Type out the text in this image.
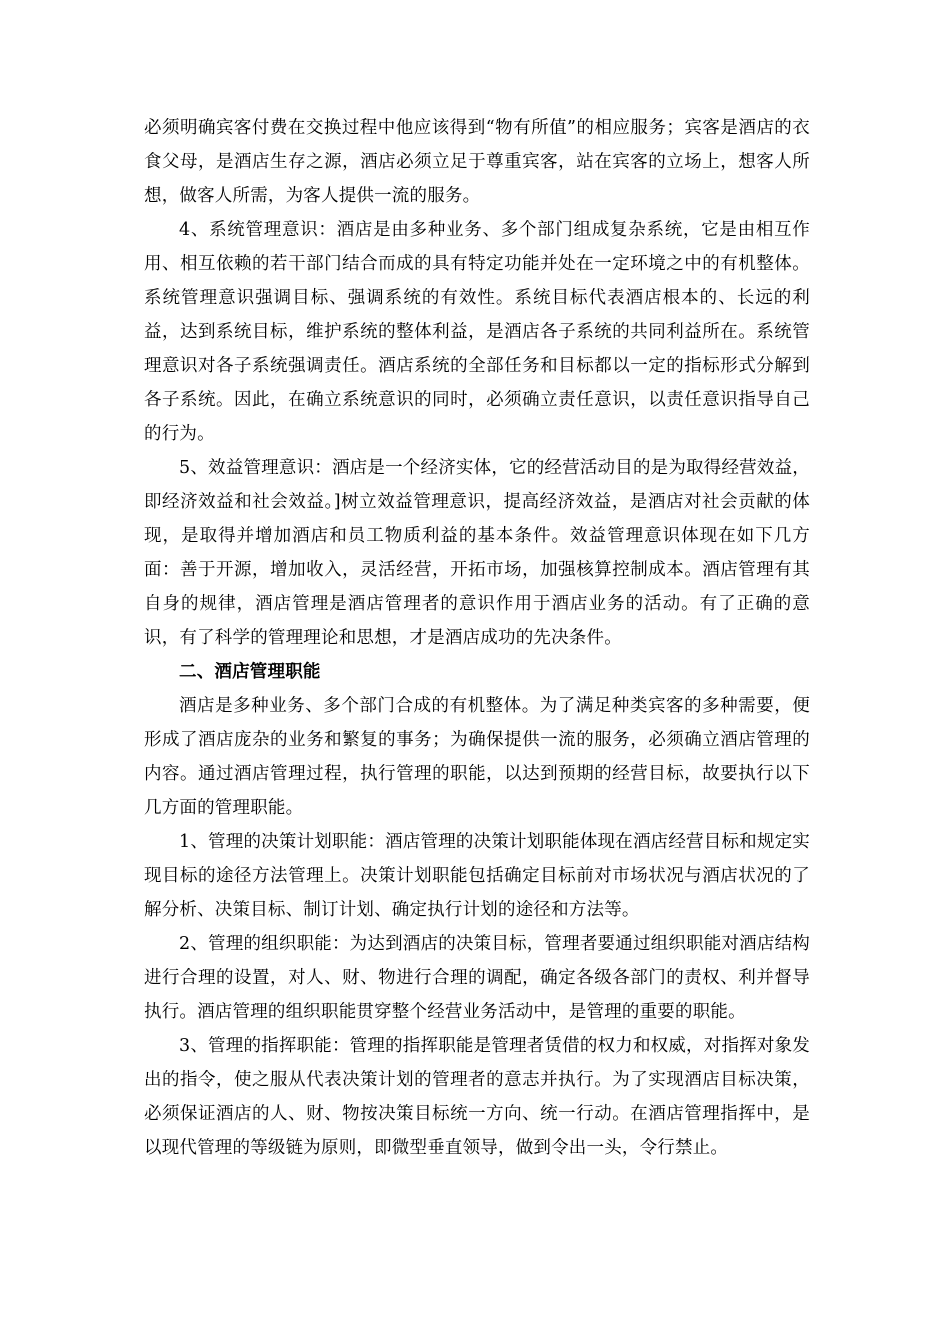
必须明确宾客付费在交换过程中他应该得到“物有所值”的相应服务；宾客是酒店的衣食父母，是酒店生存之源，酒店必须立足于尊重宾客，站在宾客的立场上，想客人所想，做客人所需，为客人提供一流的服务。

4、系统管理意识：酒店是由多种业务、多个部门组成复杂系统，它是由相互作用、相互依赖的若干部门结合而成的具有特定功能并处在一定环境之中的有机整体。系统管理意识强调目标、强调系统的有效性。系统目标代表酒店根本的、长远的利益，达到系统目标，维护系统的整体利益，是酒店各子系统的共同利益所在。系统管理意识对各子系统强调责任。酒店系统的全部任务和目标都以一定的指标形式分解到各子系统。因此，在确立系统意识的同时，必须确立责任意识，以责任意识指导自己的行为。

5、效益管理意识：酒店是一个经济实体，它的经营活动目的是为取得经营效益，即经济效益和社会效益。]树立效益管理意识，提高经济效益，是酒店对社会贡献的体现，是取得并增加酒店和员工物质利益的基本条件。效益管理意识体现在如下几方面：善于开源，增加收入，灵活经营，开拓市场，加强核算控制成本。酒店管理有其自身的规律，酒店管理是酒店管理者的意识作用于酒店业务的活动。有了正确的意识，有了科学的管理理论和思想，才是酒店成功的先决条件。

二、酒店管理职能

酒店是多种业务、多个部门合成的有机整体。为了满足种类宾客的多种需要，便形成了酒店庞杂的业务和繁复的事务；为确保提供一流的服务，必须确立酒店管理的内容。通过酒店管理过程，执行管理的职能，以达到预期的经营目标，故要执行以下几方面的管理职能。

1、管理的决策计划职能：酒店管理的决策计划职能体现在酒店经营目标和规定实现目标的途径方法管理上。决策计划职能包括确定目标前对市场状况与酒店状况的了解分析、决策目标、制订计划、确定执行计划的途径和方法等。

2、管理的组织职能：为达到酒店的决策目标，管理者要通过组织职能对酒店结构进行合理的设置，对人、财、物进行合理的调配，确定各级各部门的责权、利并督导执行。酒店管理的组织职能贯穿整个经营业务活动中，是管理的重要的职能。

3、管理的指挥职能：管理的指挥职能是管理者赁借的权力和权威，对指挥对象发出的指令，使之服从代表决策计划的管理者的意志并执行。为了实现酒店目标决策，必须保证酒店的人、财、物按决策目标统一方向、统一行动。在酒店管理指挥中，是以现代管理的等级链为原则，即微型垂直领导，做到令出一头，令行禁止。
